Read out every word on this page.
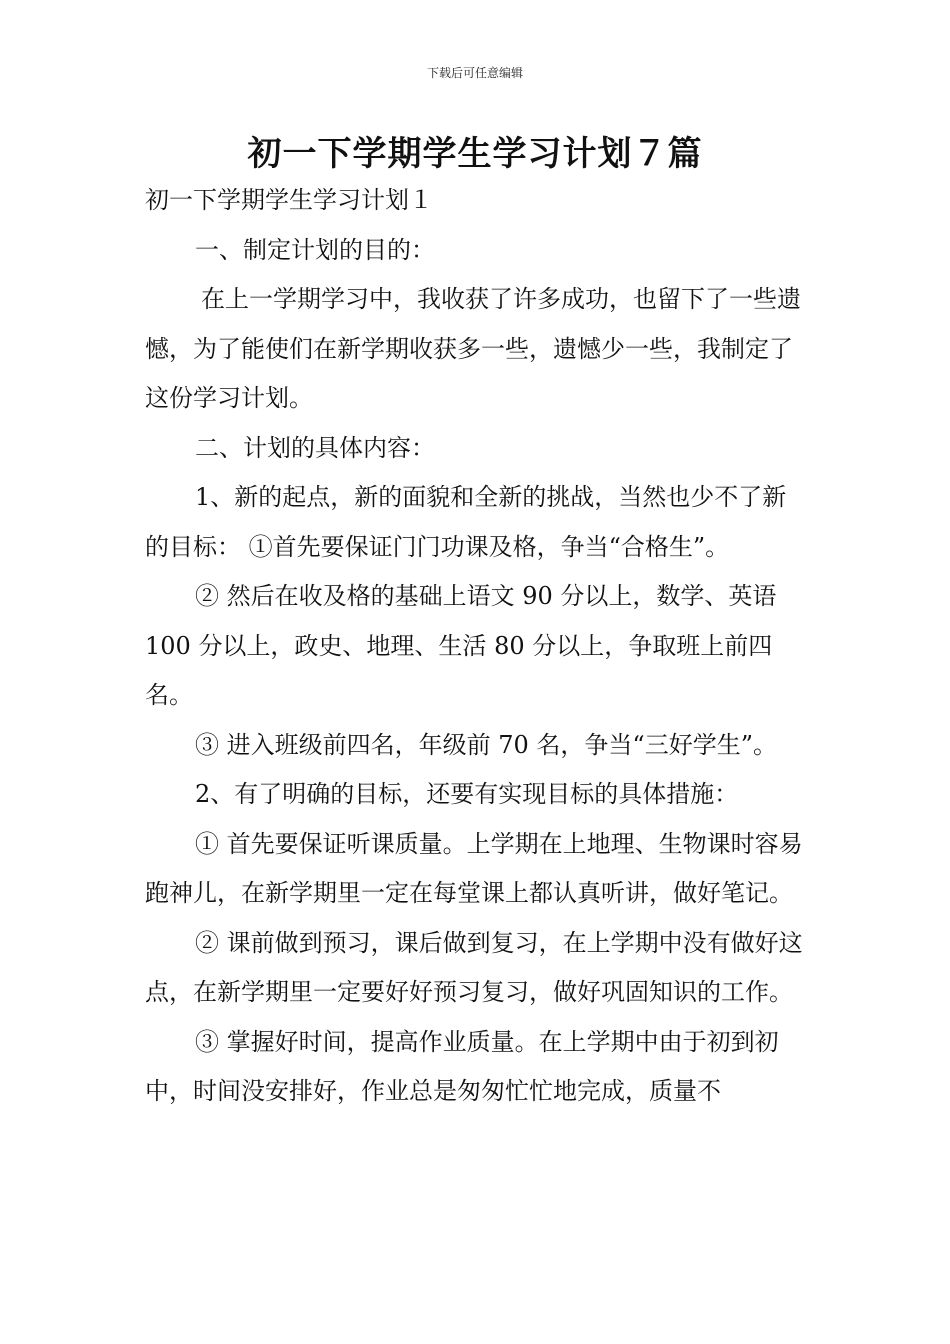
下载后可任意编辑
初一下学期学生学习计划７篇

初一下学期学生学习计划１

一、制定计划的目的：

在上一学期学习中，我收获了许多成功，也留下了一些遗憾，为了能使们在新学期收获多一些，遗憾少一些，我制定了这份学习计划。

二、计划的具体内容：

1、新的起点，新的面貌和全新的挑战，当然也少不了新的目标： ①首先要保证门门功课及格，争当“合格生”。

② 然后在收及格的基础上语文 90 分以上，数学、英语 100 分以上，政史、地理、生活 80 分以上，争取班上前四名。

③ 进入班级前四名，年级前 70 名，争当“三好学生”。

2、有了明确的目标，还要有实现目标的具体措施：

① 首先要保证听课质量。上学期在上地理、生物课时容易跑神儿，在新学期里一定在每堂课上都认真听讲，做好笔记。

② 课前做到预习，课后做到复习，在上学期中没有做好这点，在新学期里一定要好好预习复习，做好巩固知识的工作。

③ 掌握好时间，提高作业质量。在上学期中由于初到初中，时间没安排好，作业总是匆匆忙忙地完成，质量不
